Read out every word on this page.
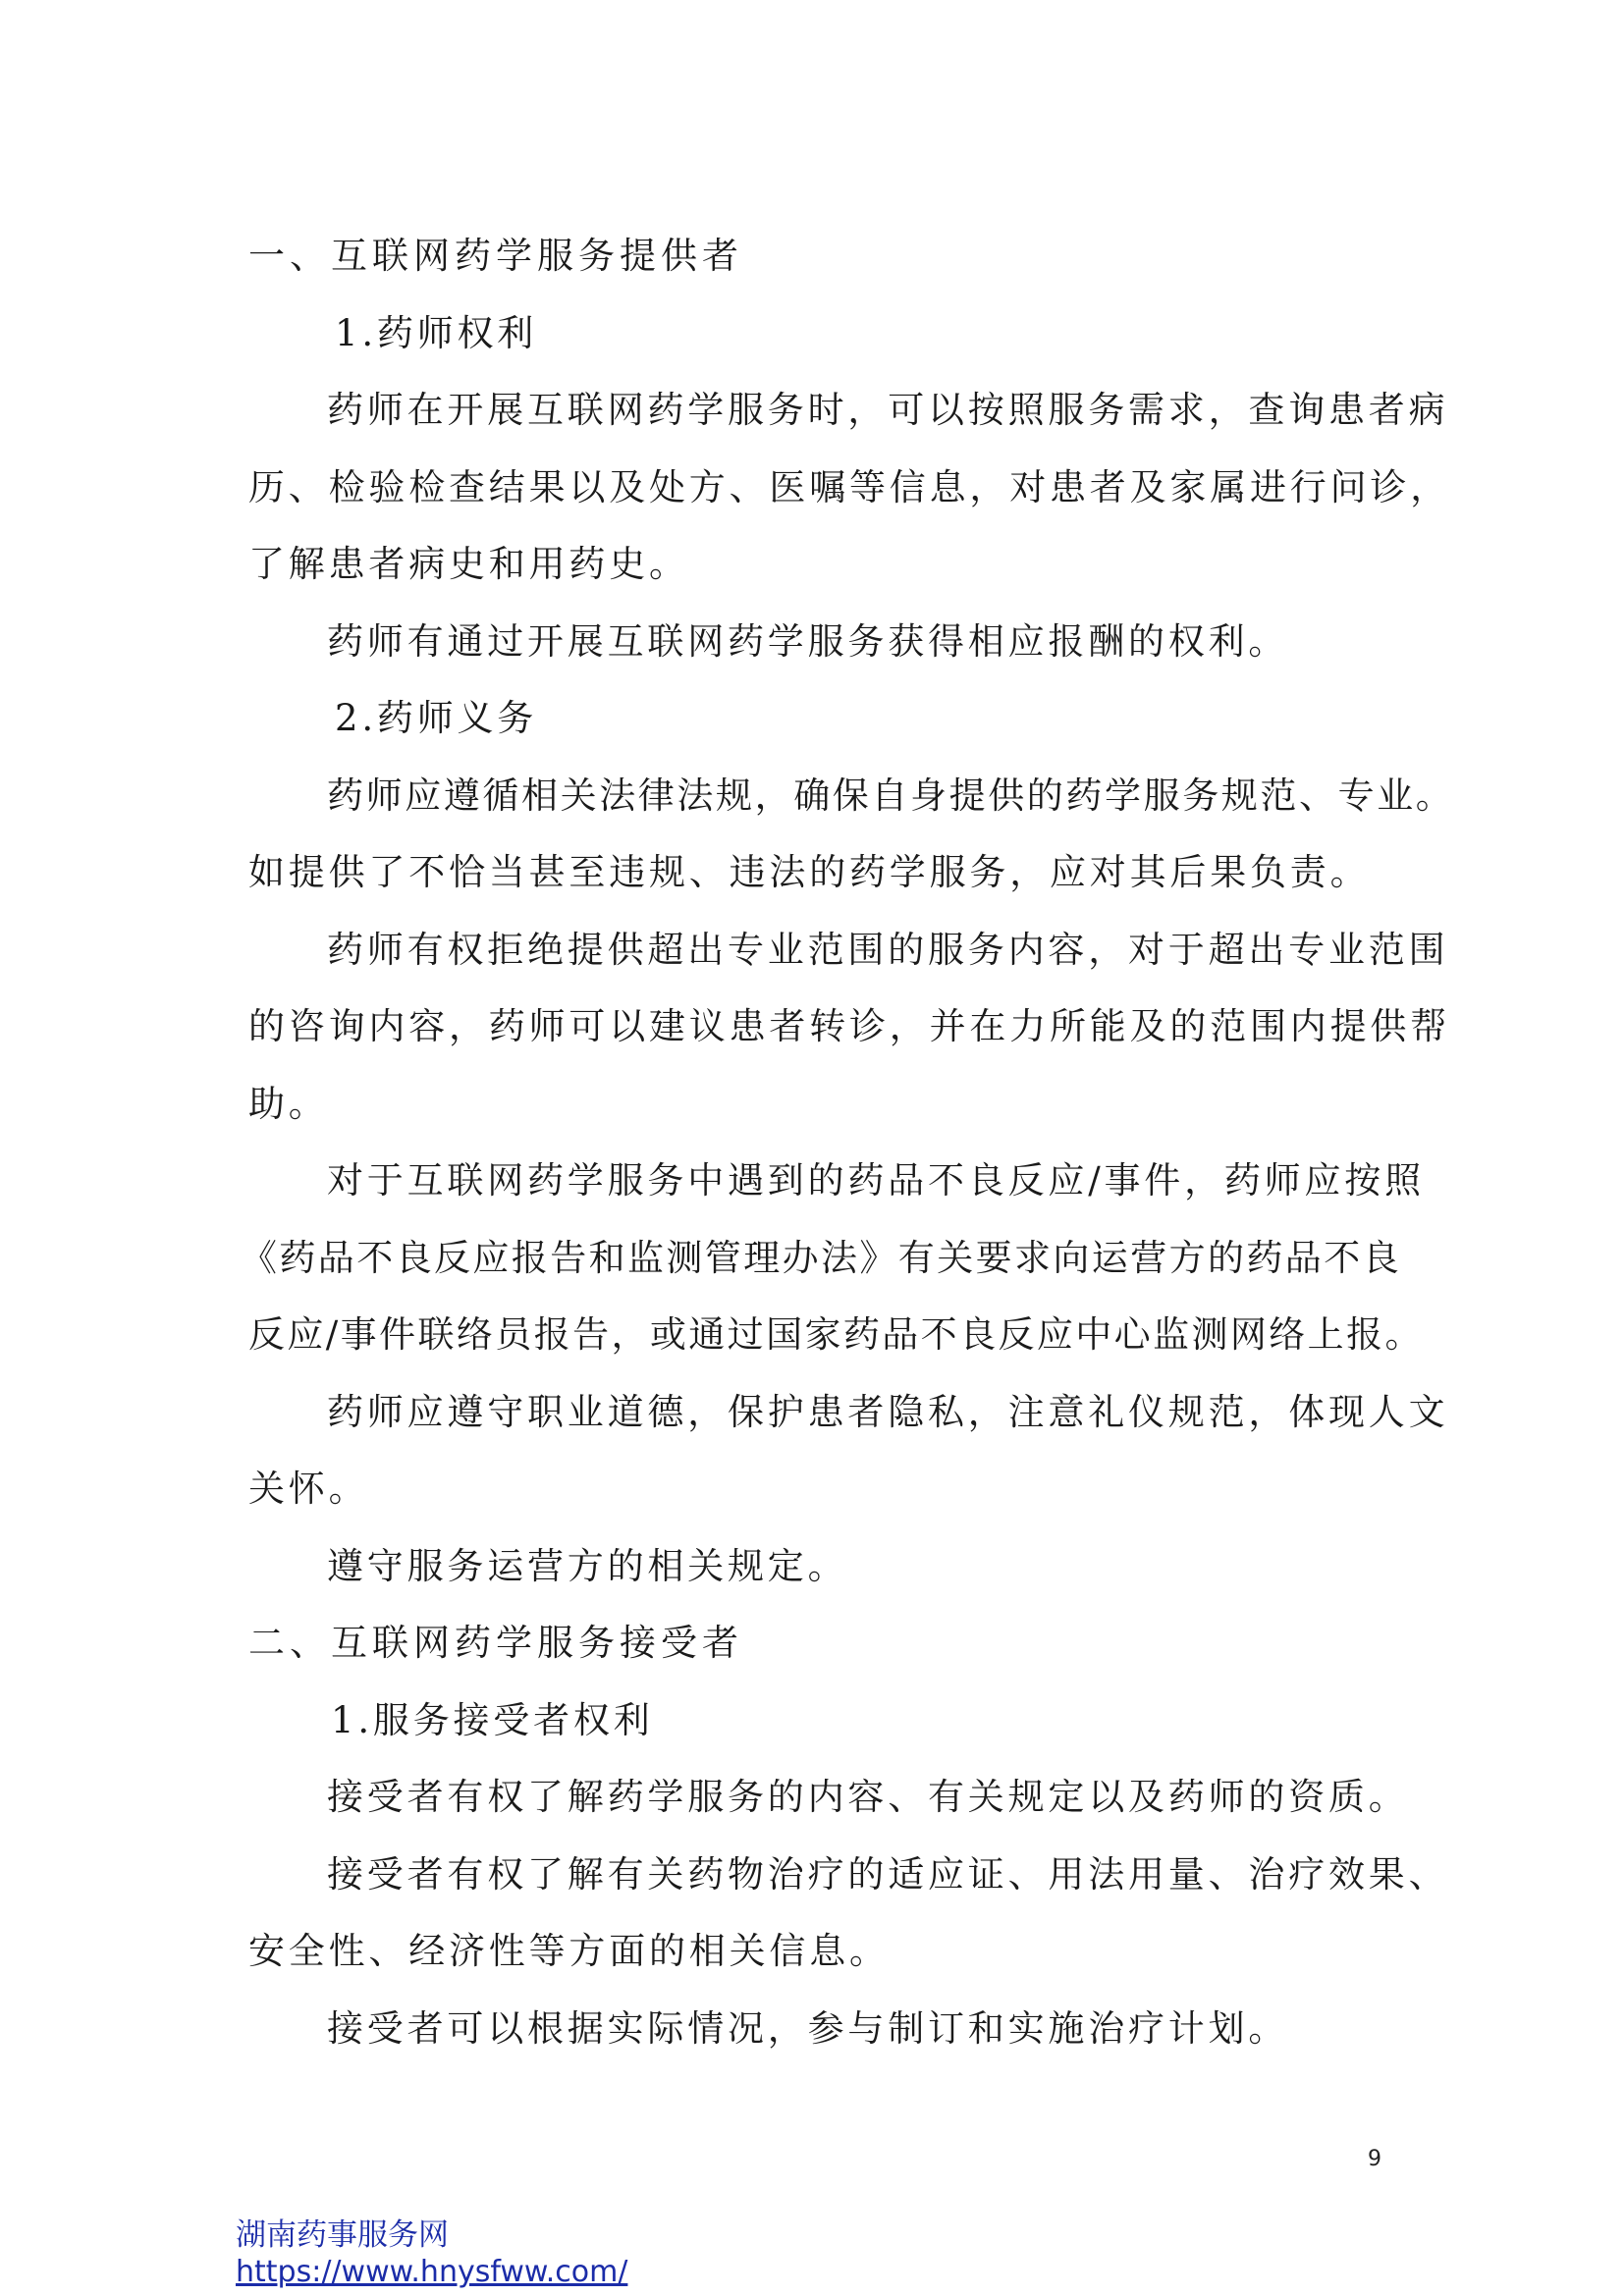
一、互联网药学服务提供者
1.药师权利
药师在开展互联网药学服务时，可以按照服务需求，查询患者病
历、检验检查结果以及处方、医嘱等信息，对患者及家属进行问诊，
了解患者病史和用药史。
药师有通过开展互联网药学服务获得相应报酬的权利。
2.药师义务
药师应遵循相关法律法规，确保自身提供的药学服务规范、专业。
如提供了不恰当甚至违规、违法的药学服务，应对其后果负责。
药师有权拒绝提供超出专业范围的服务内容，对于超出专业范围
的咨询内容，药师可以建议患者转诊，并在力所能及的范围内提供帮
助。
对于互联网药学服务中遇到的药品不良反应/事件，药师应按照
《药品不良反应报告和监测管理办法》有关要求向运营方的药品不良
反应/事件联络员报告，或通过国家药品不良反应中心监测网络上报。
药师应遵守职业道德，保护患者隐私，注意礼仪规范，体现人文
关怀。
遵守服务运营方的相关规定。
二、互联网药学服务接受者
1.服务接受者权利
接受者有权了解药学服务的内容、有关规定以及药师的资质。
接受者有权了解有关药物治疗的适应证、用法用量、治疗效果、
安全性、经济性等方面的相关信息。
接受者可以根据实际情况，参与制订和实施治疗计划。
9
湖南药事服务网
https://www.hnysfww.com/
